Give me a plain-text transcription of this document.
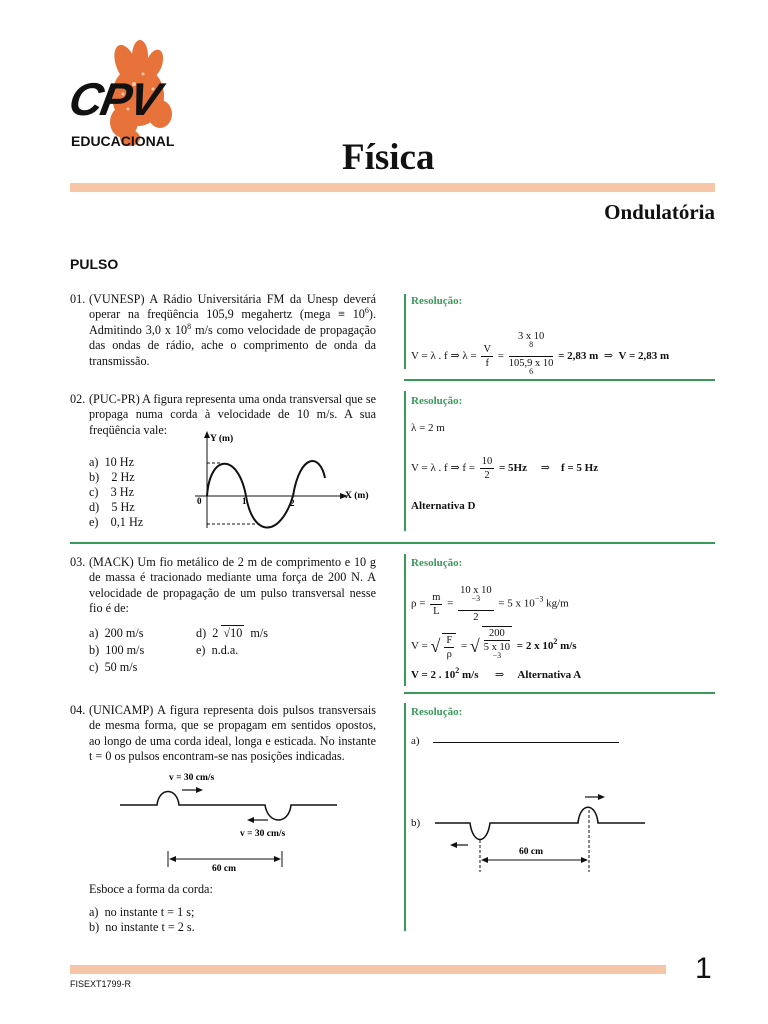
CPV
EDUCACIONAL	Física
Ondulatória
PULSO
01. (VUNESP) A Rádio Universitária FM da Unesp deverá operar na freqüência 105,9 megahertz (mega ≡ $10^6$). Admitindo 3,0 x $10^8$ m/s como velocidade de propagação das ondas de rádio, ache o comprimento de onda da transmissão.
Resolução:
V = λ . f ⇒ $\lambda = \frac{V}{f} = 3$ x 10
$^8$
105,9 x 10
$^6$ = 2,83 m ⇒ V = 2,83 m
02. (PUC-PR) A figura representa uma onda transversal que se propaga numa corda à velocidade de 10 m/s. A sua freqüência vale:
a) 10 Hz
b) 2 Hz
c) 3 Hz
d) 5 Hz
e) 0,1 Hz
Y (m)
X (m)
0	1	2
Resolução:
λ = 2 m
V = λ . f ⇒ $f = \frac{10}{2} = 5Hz$ ⇒ f = 5 Hz
Alternativa D
03. (MACK) Um fio metálico de 2 m de comprimento e 10 g de massa é tracionado mediante uma força de 200 N. A velocidade de propagação de um pulso transversal nesse fio é de:
a) 200 m/s
b) 100 m/s
c) 50 m/s
d) 2 √10 m/s
e) n.d.a.
Resolução:
$\rho = \frac{m}{L} = 10$ x 10
$^{-3}$
2 = 5 x $10^{-3}$ kg/m
V = √ $\frac{F}{\rho}$ = √ 200
5 x 10
$^{-3}$ = 2 x $10^2$ m/s
V = 2 . $10^2$ m/s ⇒ Alternativa A
04. (UNICAMP) A figura representa dois pulsos transversais de mesma forma, que se propagam em sentidos opostos, ao longo de uma corda ideal, longa e esticada. No instante t = 0 os pulsos encontram-se nas posições indicadas.
v = 30 cm/s
v = 30 cm/s
60 cm
Esboce a forma da corda:
a) no instante t = 1 s;
b) no instante t = 2 s.
Resolução:
a)
b)
60 cm
FISEXT1799-R	1
